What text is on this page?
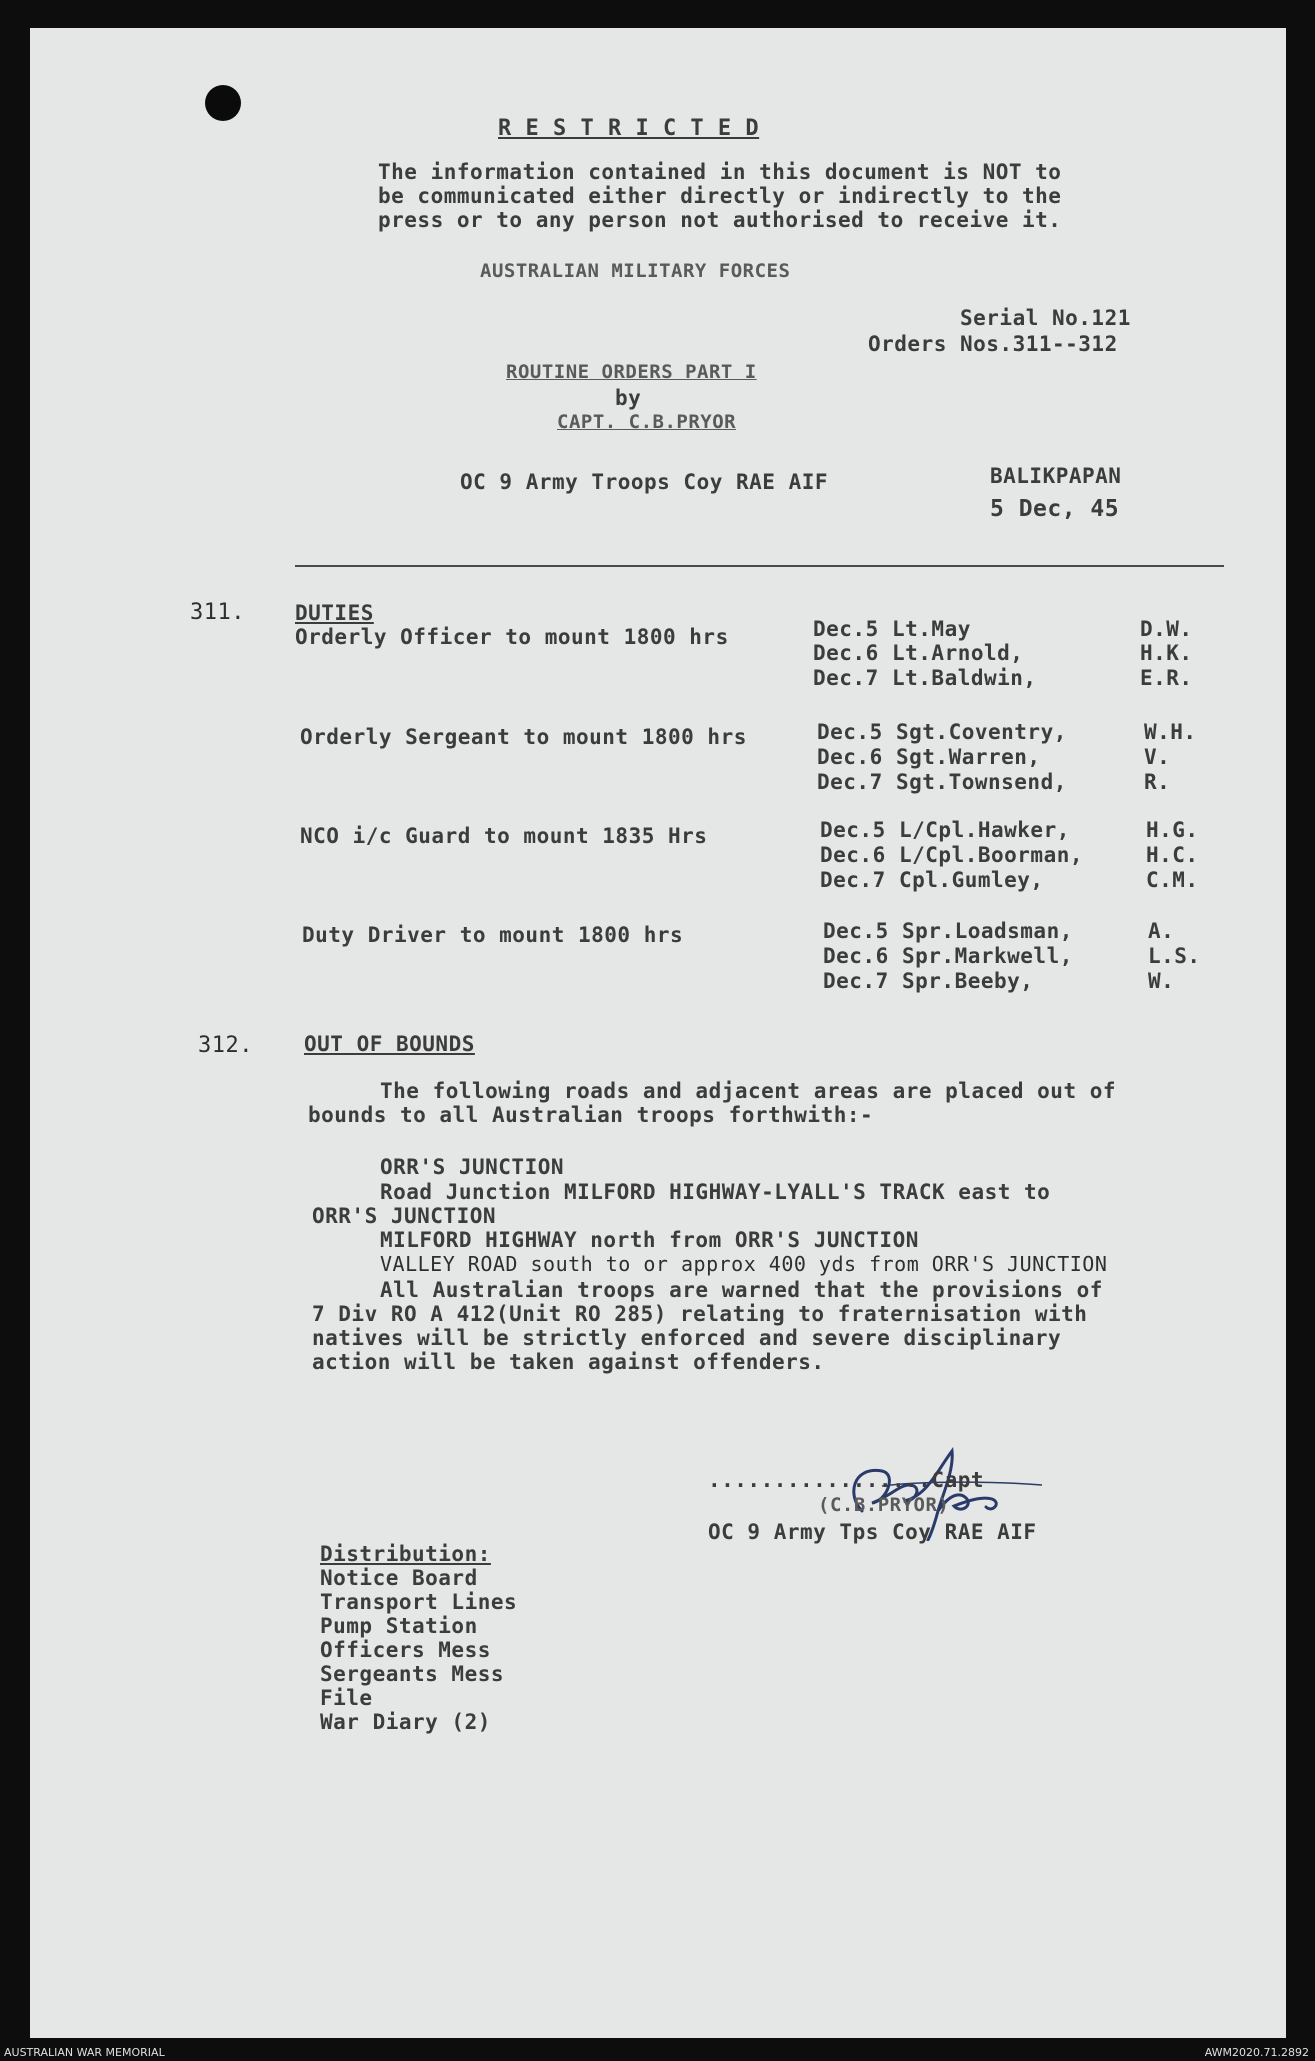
R E S T R I C T E D

The information contained in this document is NOT to

be communicated either directly or indirectly to the

press or to any person not authorised to receive it.

AUSTRALIAN MILITARY FORCES

Serial No.121

Orders Nos.311--312

ROUTINE ORDERS PART I

by

CAPT. C.B.PRYOR

OC 9 Army Troops Coy RAE AIF	BALIKPAPAN

5 Dec, 45

311. DUTIES

Orderly Officer to mount 1800 hrs	Dec.5 Lt.May	D.W.

Dec.6 Lt.Arnold,	H.K.

Dec.7 Lt.Baldwin,	E.R.

Orderly Sergeant to mount 1800 hrs	Dec.5 Sgt.Coventry,	W.H.

Dec.6 Sgt.Warren,	V.

Dec.7 Sgt.Townsend,	R.

NCO i/c Guard to mount 1835 Hrs	Dec.5 L/Cpl.Hawker,	H.G.

Dec.6 L/Cpl.Boorman,	H.C.

Dec.7 Cpl.Gumley,	C.M.

Duty Driver to mount 1800 hrs	Dec.5 Spr.Loadsman,	A.

Dec.6 Spr.Markwell,	L.S.

Dec.7 Spr.Beeby,	W.

312. OUT OF BOUNDS

The following roads and adjacent areas are placed out of

bounds to all Australian troops forthwith:-

ORR'S JUNCTION

Road Junction MILFORD HIGHWAY-LYALL'S TRACK east to

ORR'S JUNCTION

MILFORD HIGHWAY north from ORR'S JUNCTION

VALLEY ROAD south to or approx 400 yds from ORR'S JUNCTION

All Australian troops are warned that the provisions of

7 Div RO A 412(Unit RO 285) relating to fraternisation with

natives will be strictly enforced and severe disciplinary

action will be taken against offenders.

.................Capt

(C.B.PRYOR)

OC 9 Army Tps Coy RAE AIF

Distribution:

Notice Board

Transport Lines

Pump Station

Officers Mess

Sergeants Mess

File

War Diary (2)

AUSTRALIAN WAR MEMORIAL	AWM2020.71.2892
